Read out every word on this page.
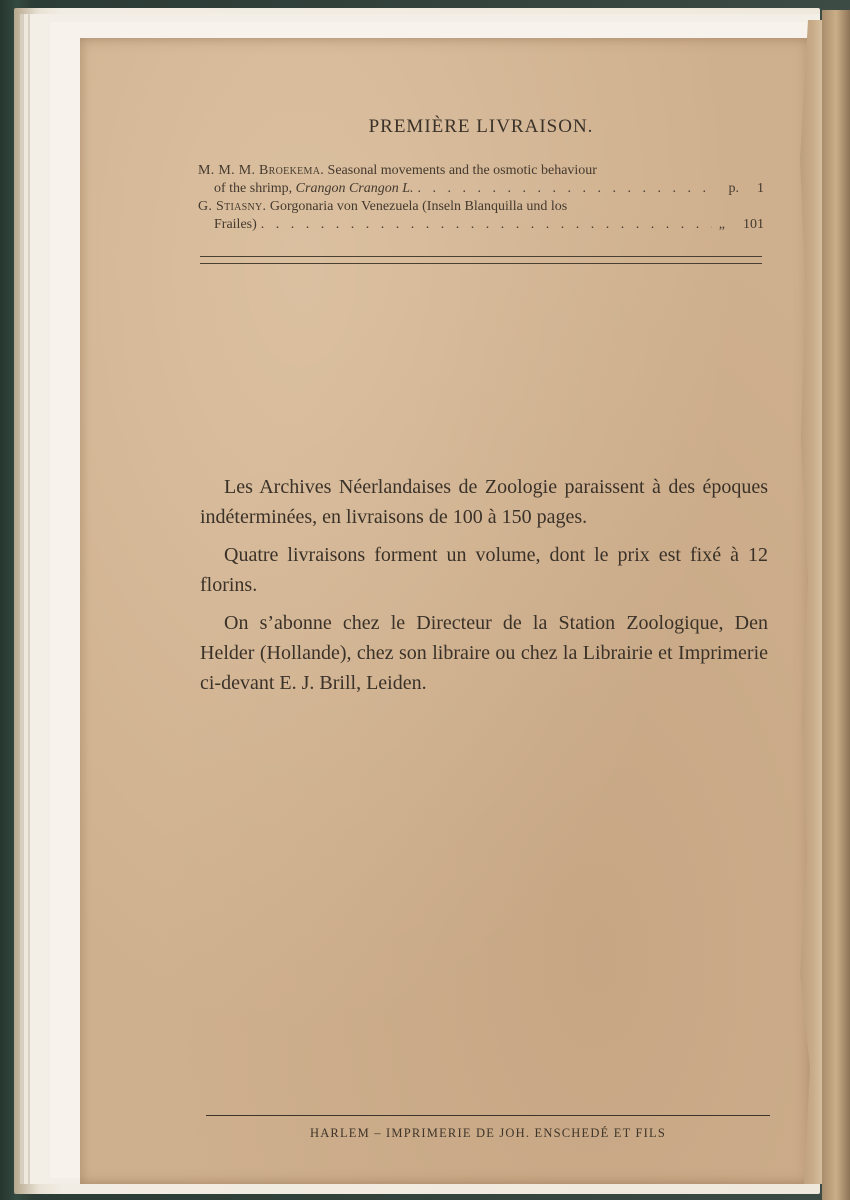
PREMIÈRE LIVRAISON.
M. M. M. Broekema. Seasonal movements and the osmotic behaviour
of the shrimp,
Crangon Crangon L. . . .	p. 1
G. Stiasny. Gorgonaria von Venezuela (Inseln Blanquilla und los
Frailes) . . .	„ 101

Les Archives Néerlandaises de Zoologie paraissent à des époques indéterminées, en livraisons de 100 à 150 pages.

Quatre livraisons forment un volume, dont le prix est fixé à 12 florins.

On s’abonne chez le Directeur de la Station Zoologique, Den Helder (Hollande), chez son libraire ou chez la Librairie et Imprimerie ci-devant E. J. Brill, Leiden.

HARLEM – IMPRIMERIE DE JOH. ENSCHEDÉ ET FILS
